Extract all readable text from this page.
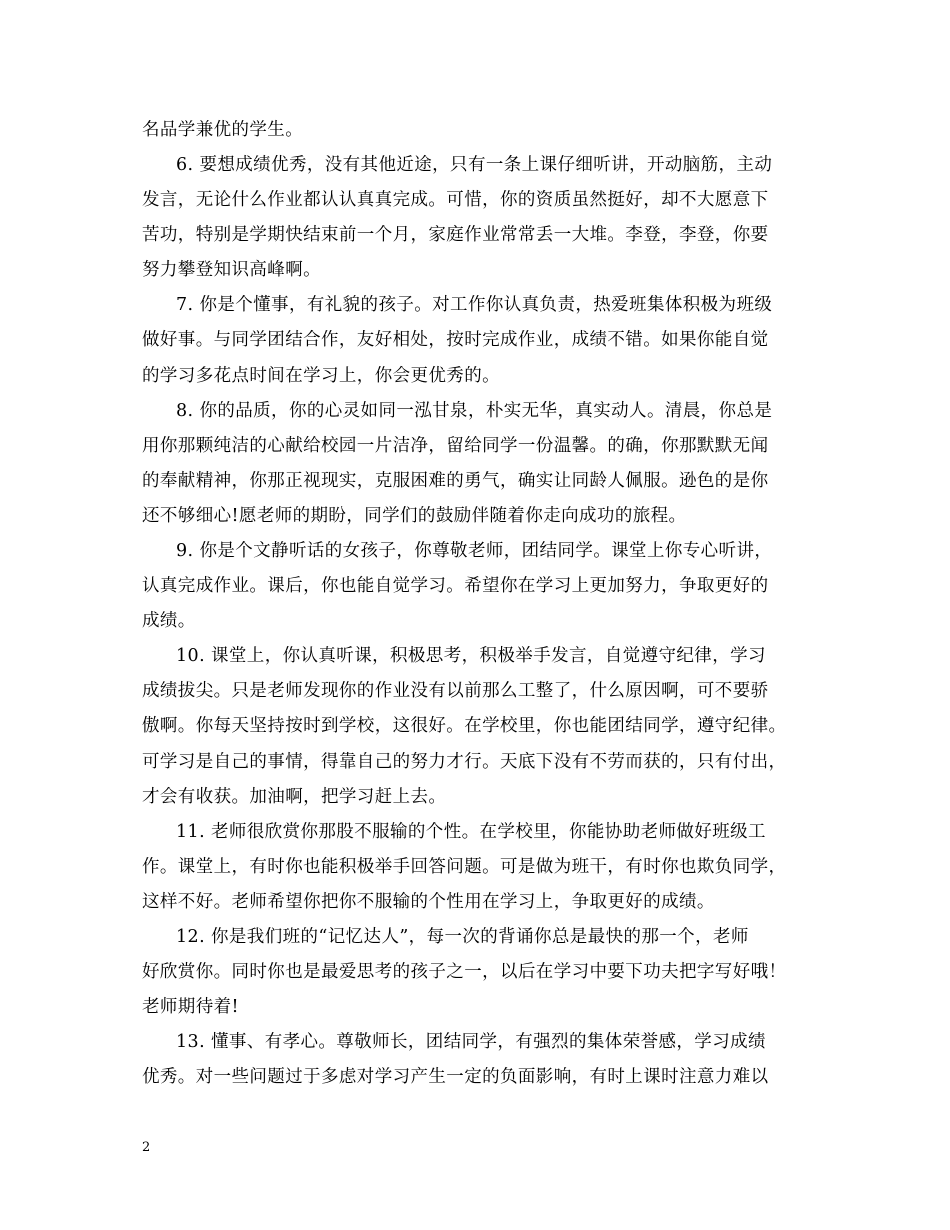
名品学兼优的学生。
6. 要想成绩优秀，没有其他近途，只有一条上课仔细听讲，开动脑筋，主动
发言，无论什么作业都认认真真完成。可惜，你的资质虽然挺好，却不大愿意下
苦功，特别是学期快结束前一个月，家庭作业常常丢一大堆。李登，李登，你要
努力攀登知识高峰啊。
7. 你是个懂事，有礼貌的孩子。对工作你认真负责，热爱班集体积极为班级
做好事。与同学团结合作，友好相处，按时完成作业，成绩不错。如果你能自觉
的学习多花点时间在学习上，你会更优秀的。
8. 你的品质，你的心灵如同一泓甘泉，朴实无华，真实动人。清晨，你总是
用你那颗纯洁的心献给校园一片洁净，留给同学一份温馨。的确，你那默默无闻
的奉献精神，你那正视现实，克服困难的勇气，确实让同龄人佩服。逊色的是你
还不够细心!愿老师的期盼，同学们的鼓励伴随着你走向成功的旅程。
9. 你是个文静听话的女孩子，你尊敬老师，团结同学。课堂上你专心听讲，
认真完成作业。课后，你也能自觉学习。希望你在学习上更加努力，争取更好的
成绩。
10. 课堂上，你认真听课，积极思考，积极举手发言，自觉遵守纪律，学习
成绩拔尖。只是老师发现你的作业没有以前那么工整了，什么原因啊，可不要骄
傲啊。你每天坚持按时到学校，这很好。在学校里，你也能团结同学，遵守纪律。
可学习是自己的事情，得靠自己的努力才行。天底下没有不劳而获的，只有付出，
才会有收获。加油啊，把学习赶上去。
11. 老师很欣赏你那股不服输的个性。在学校里，你能协助老师做好班级工
作。课堂上，有时你也能积极举手回答问题。可是做为班干，有时你也欺负同学，
这样不好。老师希望你把你不服输的个性用在学习上，争取更好的成绩。
12. 你是我们班的“记忆达人”，每一次的背诵你总是最快的那一个，老师
好欣赏你。同时你也是最爱思考的孩子之一，以后在学习中要下功夫把字写好哦！
老师期待着!
13. 懂事、有孝心。尊敬师长，团结同学，有强烈的集体荣誉感，学习成绩
优秀。对一些问题过于多虑对学习产生一定的负面影响，有时上课时注意力难以
2
